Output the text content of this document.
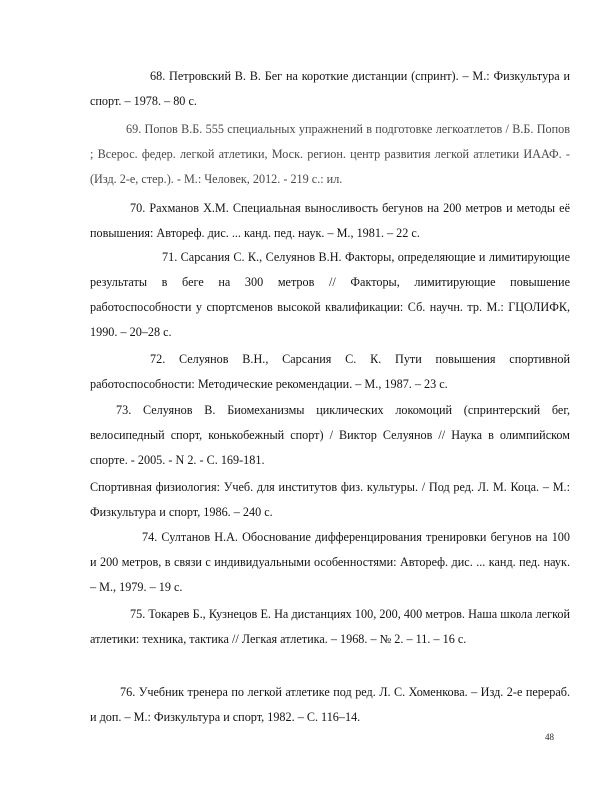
68. Петровский В. В. Бег на короткие дистанции (спринт). – М.: Физкультура и спорт. – 1978. – 80 с.

69. Попов В.Б. 555 специальных упражнений в подготовке легкоатлетов / В.Б. Попов ; Всерос. федер. легкой атлетики, Моск. регион. центр развития легкой атлетики ИААФ. - (Изд. 2-е, стер.). - М.: Человек, 2012. - 219 с.: ил.

70. Рахманов Х.М. Специальная выносливость бегунов на 200 метров и методы её повышения: Автореф. дис. ... канд. пед. наук. – М., 1981. – 22 с.

71. Сарсания С. К., Селуянов В.Н. Факторы, определяющие и лимитирующие результаты в беге на 300 метров // Факторы, лимитирующие повышение работоспособности у спортсменов высокой квалификации: Сб. научн. тр. М.: ГЦОЛИФК, 1990. – 20–28 с.

72. Селуянов В.Н., Сарсания С. К. Пути повышения спортивной работоспособности: Методические рекомендации. – М., 1987. – 23 с.

73. Селуянов В. Биомеханизмы циклических локомоций (спринтерский бег, велосипедный спорт, конькобежный спорт) / Виктор Селуянов // Наука в олимпийском спорте. - 2005. - N 2. - С. 169-181.

Спортивная физиология: Учеб. для институтов физ. культуры. / Под ред. Л. М. Коца. – М.: Физкультура и спорт, 1986. – 240 с.

74. Султанов Н.А. Обоснование дифференцирования тренировки бегунов на 100 и 200 метров, в связи с индивидуальными особенностями: Автореф. дис. ... канд. пед. наук. – М., 1979. – 19 с.

75. Токарев Б., Кузнецов Е. На дистанциях 100, 200, 400 метров. Наша школа легкой атлетики: техника, тактика // Легкая атлетика. – 1968. – № 2. – 11. – 16 с.

76. Учебник тренера по легкой атлетике под ред. Л. С. Хоменкова. – Изд. 2-е перераб. и доп. – М.: Физкультура и спорт, 1982. – С. 116–14.

48
